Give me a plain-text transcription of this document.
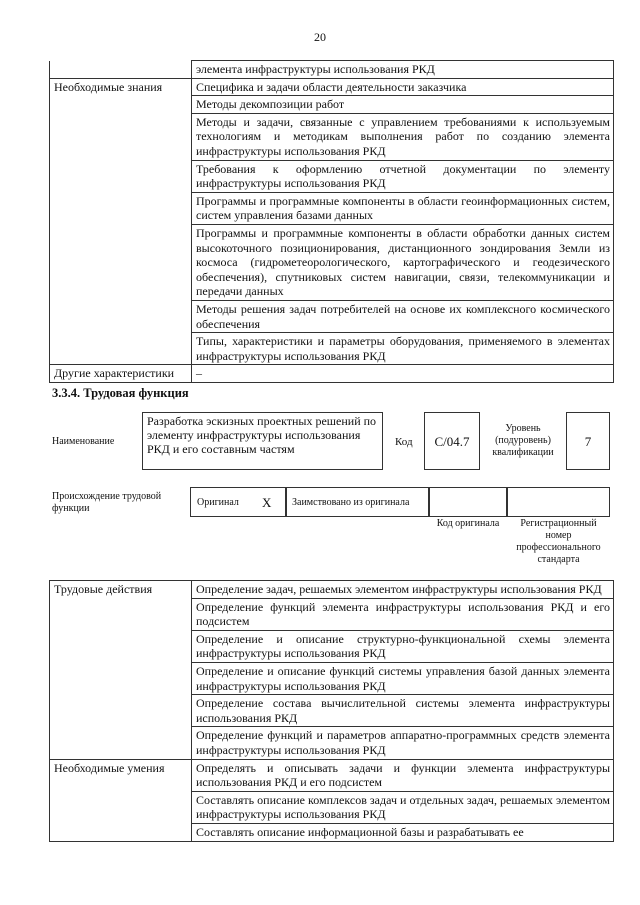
20
	элемента инфраструктуры использования РКД
Необходимые знания	Специфика и задачи области деятельности заказчика
	Методы декомпозиции работ
	Методы и задачи, связанные с управлением требованиями к используемым технологиям и методикам выполнения работ по созданию элемента инфраструктуры использования РКД
	Требования к оформлению отчетной документации по элементу инфраструктуры использования РКД
	Программы и программные компоненты в области геоинформационных систем, систем управления базами данных
	Программы и программные компоненты в области обработки данных систем высокоточного позиционирования, дистанционного зондирования Земли из космоса (гидрометеорологического, картографического и геодезического обеспечения), спутниковых систем навигации, связи, телекоммуникации и передачи данных
	Методы решения задач потребителей на основе их комплексного космического обеспечения
	Типы, характеристики и параметры оборудования, применяемого в элементах инфраструктуры использования РКД
Другие характеристики	–
3.3.4. Трудовая функция
Наименование
Разработка эскизных проектных решений по элементу инфраструктуры использования РКД и его составным частям	Код	C/04.7
Уровень (подуровень) квалификации
7
Происхождение трудовой функции
Оригинал X Заимствовано из оригинала
Код оригинала	Регистрационный номер профессионального стандарта
Трудовые действия	Определение задач, решаемых элементом инфраструктуры использования РКД
	Определение функций элемента инфраструктуры использования РКД и его подсистем
	Определение и описание структурно-функциональной схемы элемента инфраструктуры использования РКД
	Определение и описание функций системы управления базой данных элемента инфраструктуры использования РКД
	Определение состава вычислительной системы элемента инфраструктуры использования РКД
	Определение функций и параметров аппаратно-программных средств элемента инфраструктуры использования РКД
Необходимые умения	Определять и описывать задачи и функции элемента инфраструктуры использования РКД и его подсистем
	Составлять описание комплексов задач и отдельных задач, решаемых элементом инфраструктуры использования РКД
	Составлять описание информационной базы и разрабатывать ее
